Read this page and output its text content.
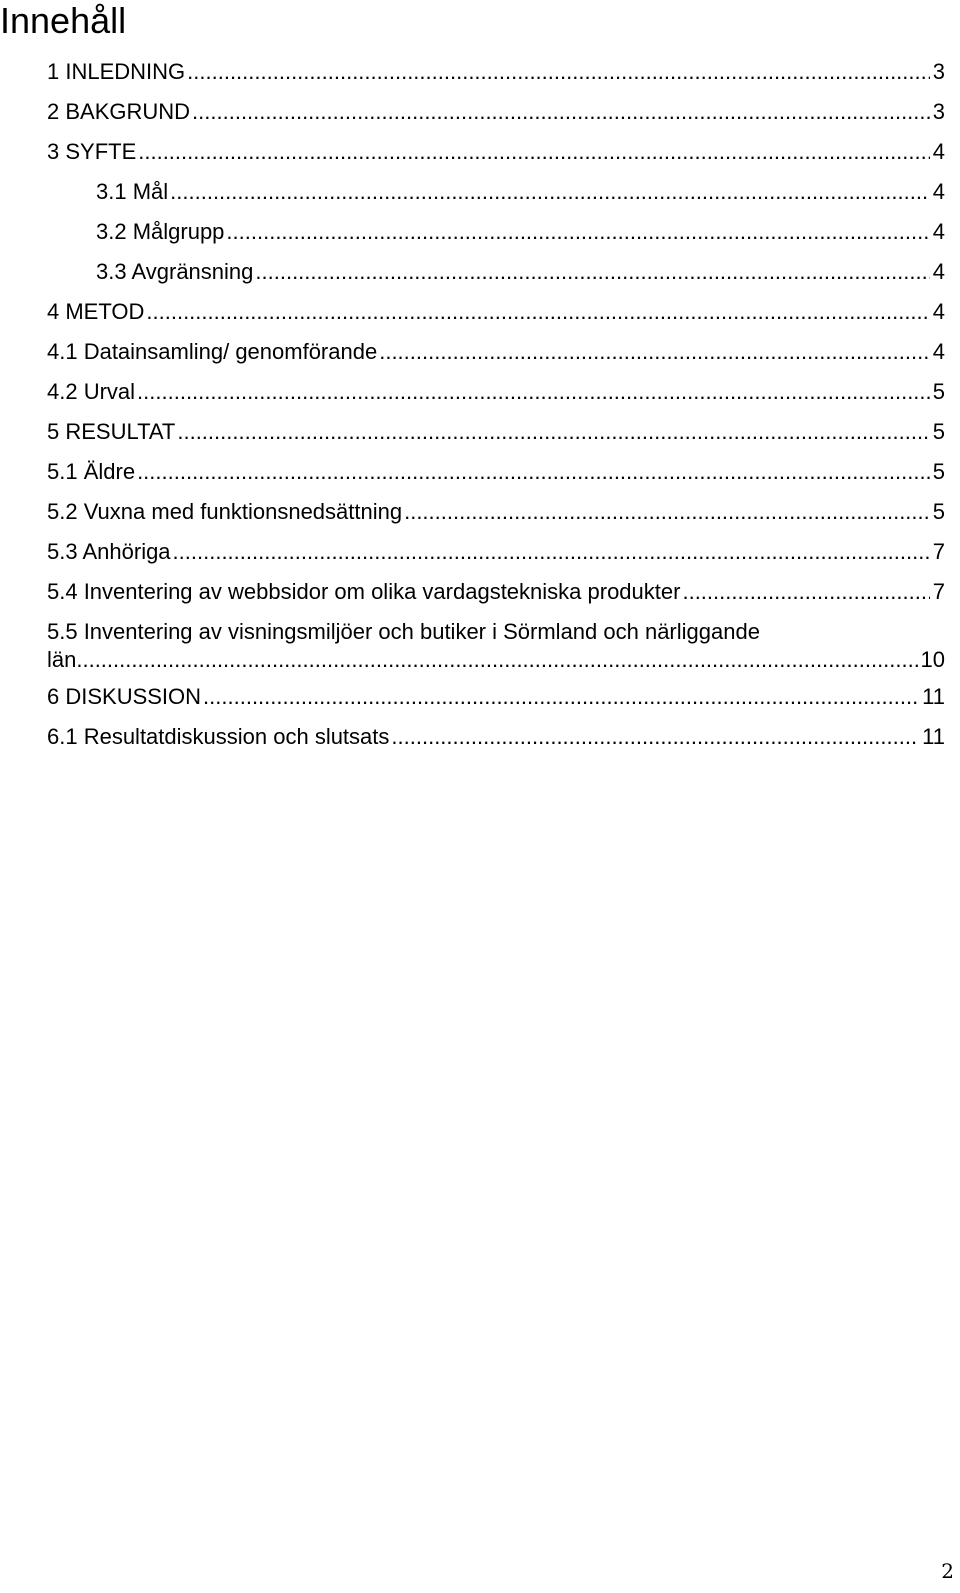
Innehåll
1 INLEDNING .....	3
2 BAKGRUND .....	3
3 SYFTE .....	4
3.1 Mål .....	4
3.2 Målgrupp .....	4
3.3 Avgränsning .....	4
4 METOD .....	4
4.1 Datainsamling/ genomförande .....	4
4.2 Urval .....	5
5 RESULTAT .....	5
5.1 Äldre .....	5
5.2 Vuxna med funktionsnedsättning .....	5
5.3 Anhöriga .....	7
5.4 Inventering av webbsidor om olika vardagstekniska produkter .....	7
5.5 Inventering av visningsmiljöer och butiker i Sörmland och närliggande
län .....	10
6 DISKUSSION .....	11
6.1 Resultatdiskussion och slutsats .....	11
2
